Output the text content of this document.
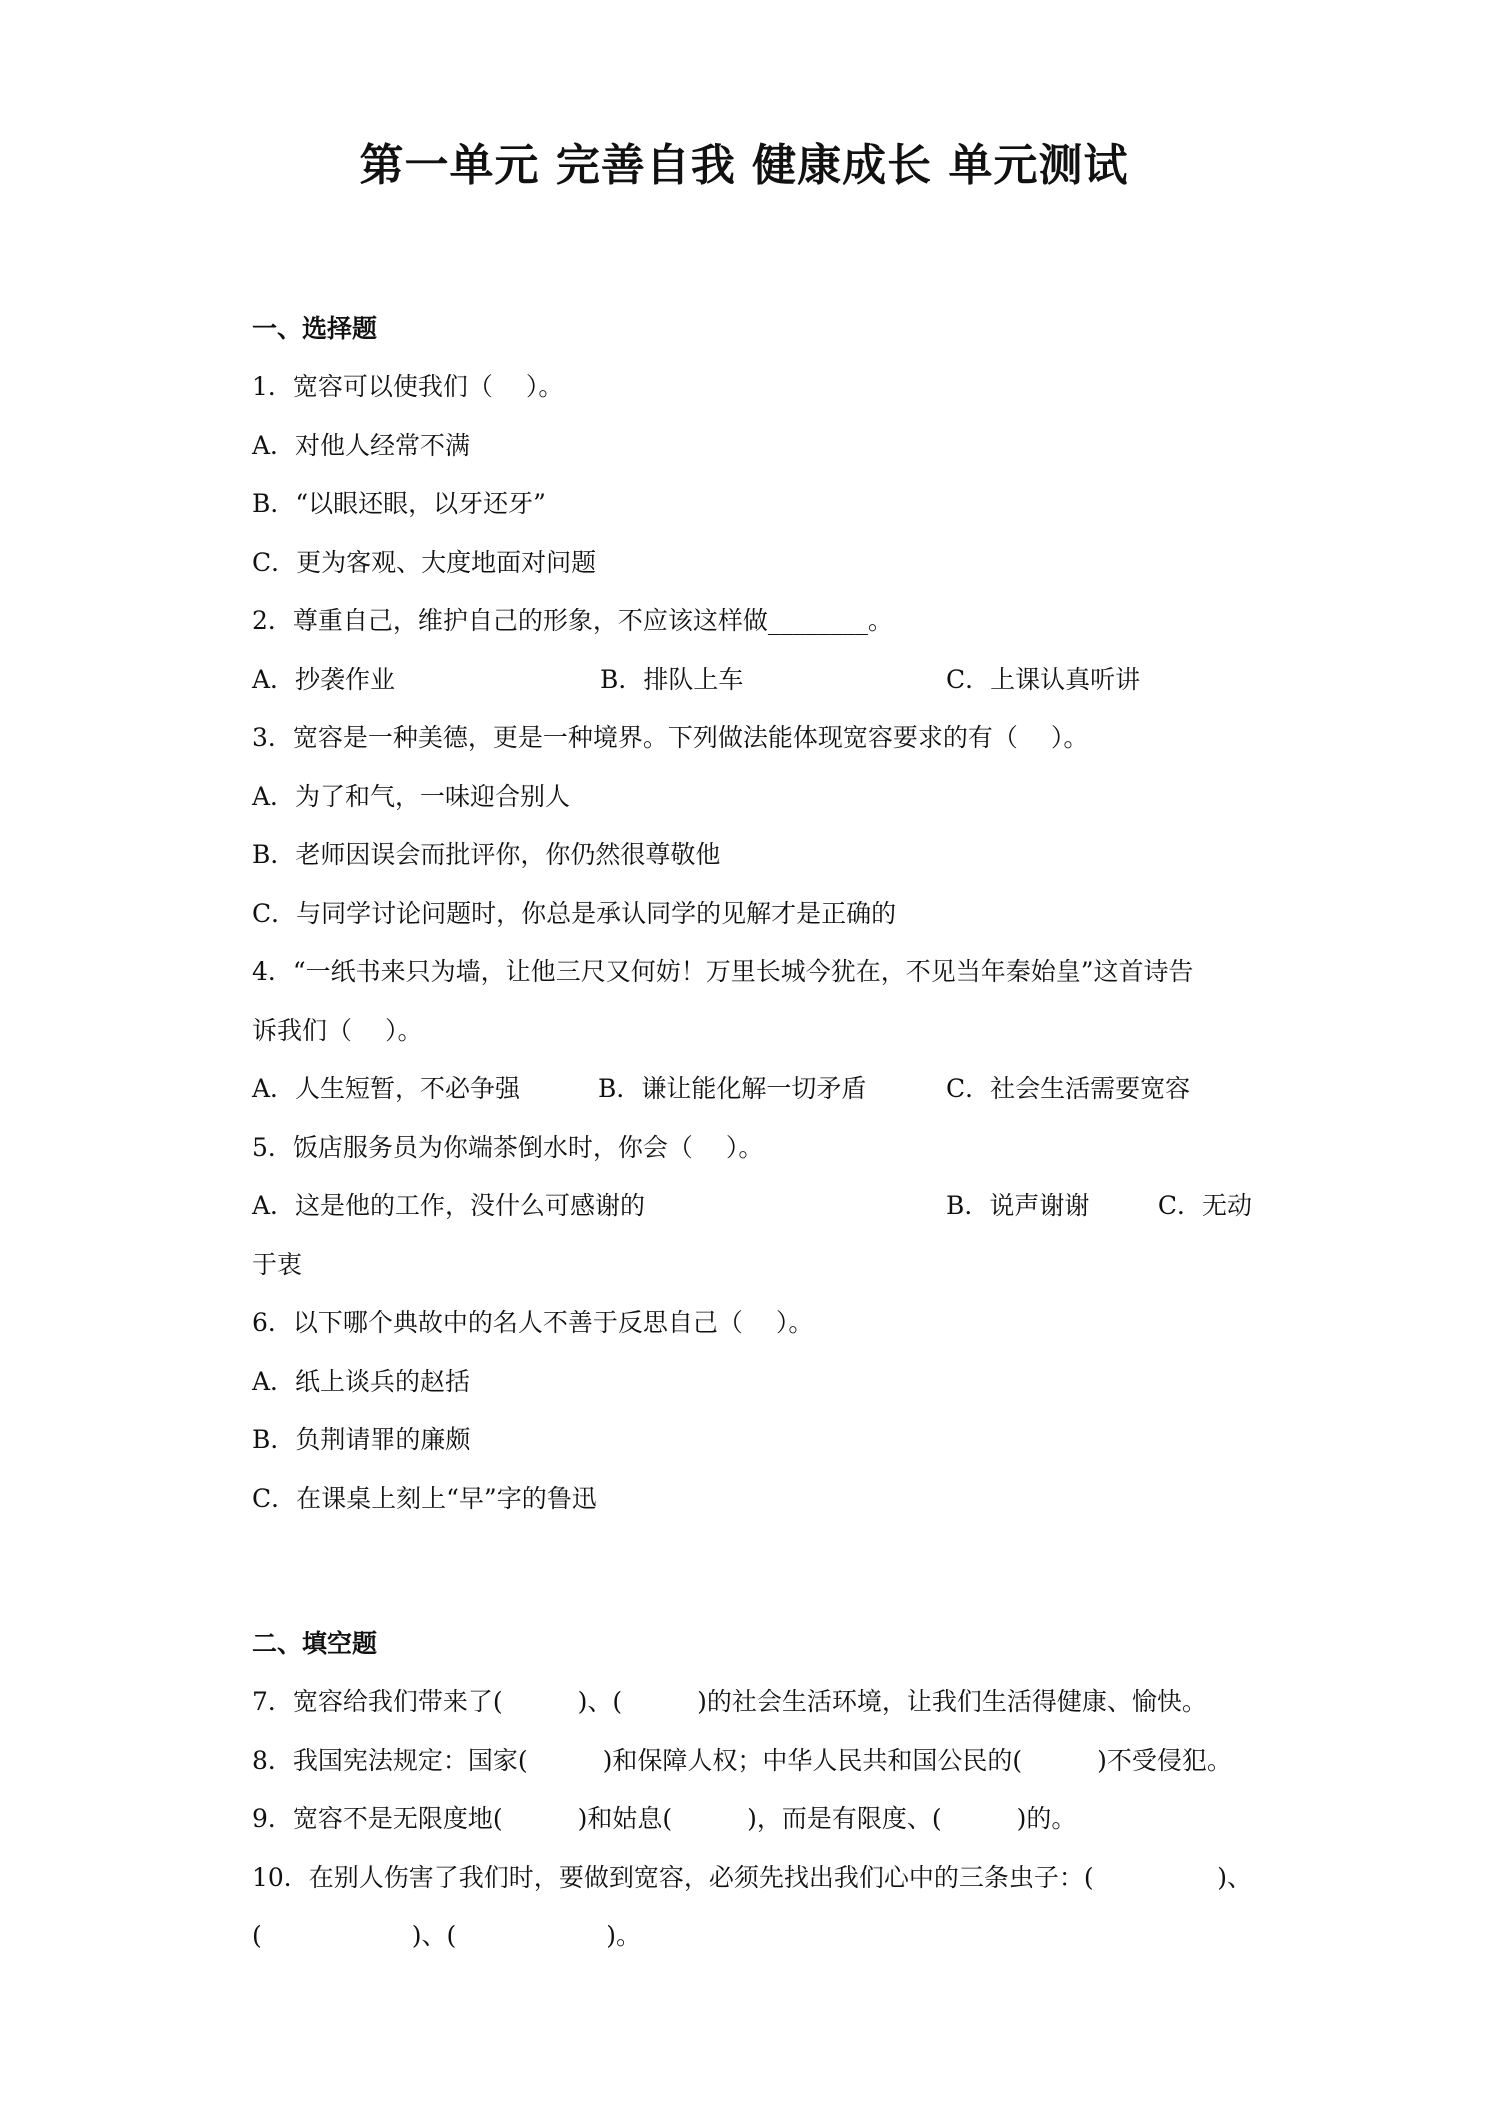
第一单元 完善自我 健康成长 单元测试
一、选择题
1．宽容可以使我们（　 ）。
A．对他人经常不满
B．“以眼还眼，以牙还牙”
C．更为客观、大度地面对问题
2．尊重自己，维护自己的形象，不应该这样做________。
A．抄袭作业	B．排队上车	C．上课认真听讲
3．宽容是一种美德，更是一种境界。下列做法能体现宽容要求的有（　 ）。
A．为了和气，一味迎合别人
B．老师因误会而批评你，你仍然很尊敬他
C．与同学讨论问题时，你总是承认同学的见解才是正确的
4．“一纸书来只为墙，让他三尺又何妨！万里长城今犹在，不见当年秦始皇”这首诗告
诉我们（　 ）。
A．人生短暂，不必争强	B．谦让能化解一切矛盾	C．社会生活需要宽容
5．饭店服务员为你端茶倒水时，你会（　 ）。
A．这是他的工作，没什么可感谢的	B．说声谢谢	C．无动
于衷
6．以下哪个典故中的名人不善于反思自己（　 ）。
A．纸上谈兵的赵括
B．负荆请罪的廉颇
C．在课桌上刻上“早”字的鲁迅
二、填空题
7．宽容给我们带来了(　　　)、(　　　)的社会生活环境，让我们生活得健康、愉快。
8．我国宪法规定：国家(　　　)和保障人权；中华人民共和国公民的(　　　)不受侵犯。
9．宽容不是无限度地(　　　)和姑息(　　　)，而是有限度、(　　　)的。
10．在别人伤害了我们时，要做到宽容，必须先找出我们心中的三条虫子：(	)、
(　　　　　　)、(　　　　　　)。
